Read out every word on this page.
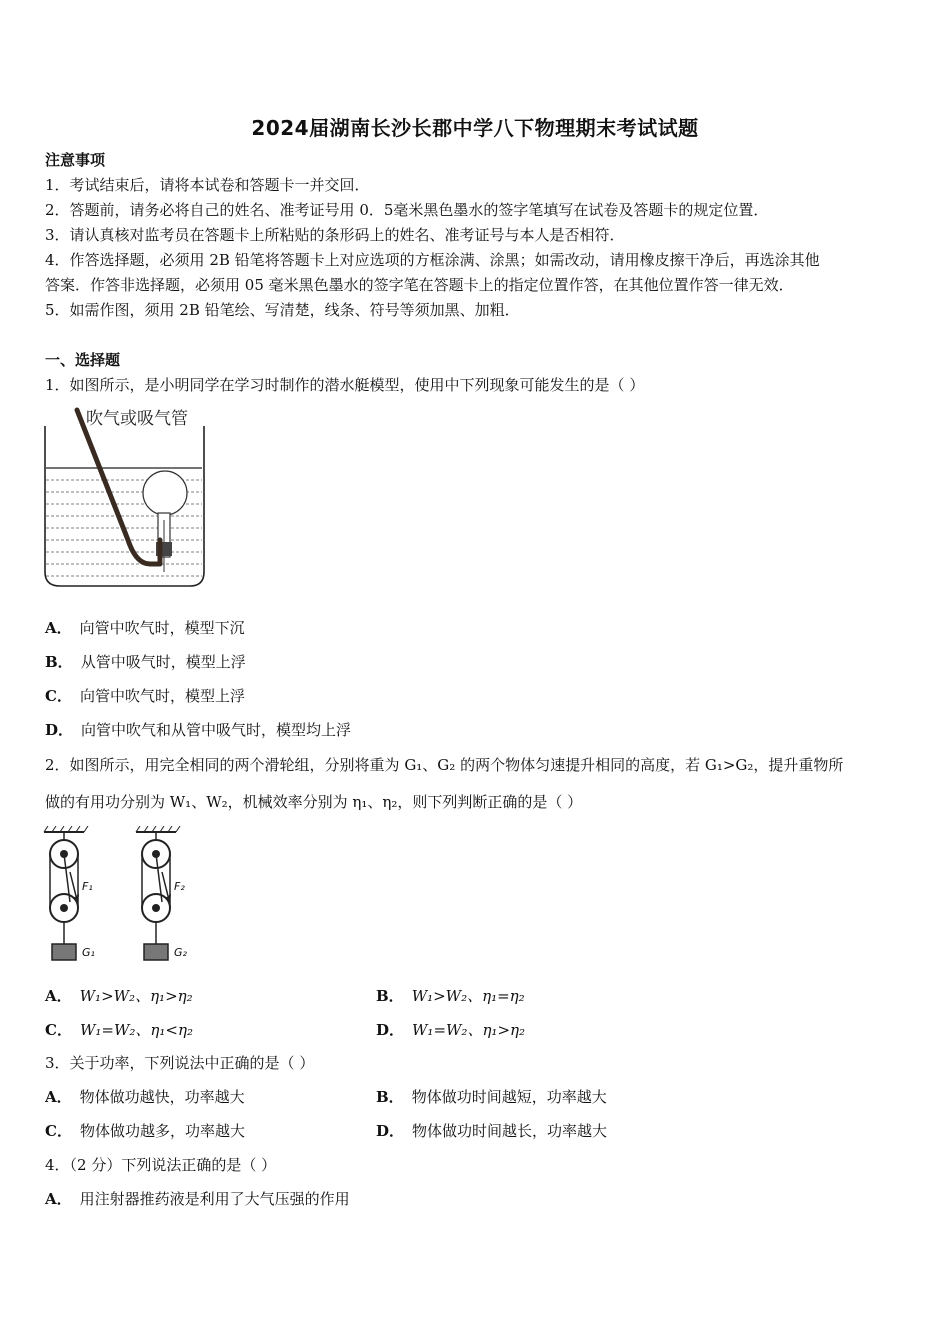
2024届湖南长沙长郡中学八下物理期末考试试题
注意事项
1．考试结束后，请将本试卷和答题卡一并交回．
2．答题前，请务必将自己的姓名、准考证号用 0．5毫米黑色墨水的签字笔填写在试卷及答题卡的规定位置．
3．请认真核对监考员在答题卡上所粘贴的条形码上的姓名、准考证号与本人是否相符．
4．作答选择题，必须用 2B 铅笔将答题卡上对应选项的方框涂满、涂黑；如需改动，请用橡皮擦干净后，再选涂其他
答案．作答非选择题，必须用 05 毫米黑色墨水的签字笔在答题卡上的指定位置作答，在其他位置作答一律无效．
5．如需作图，须用 2B 铅笔绘、写清楚，线条、符号等须加黑、加粗．
一、选择题
1．如图所示，是小明同学在学习时制作的潜水艇模型，使用中下列现象可能发生的是（ ）
吹气或吸气管
A． 向管中吹气时，模型下沉
B． 从管中吸气时，模型上浮
C． 向管中吹气时，模型上浮
D． 向管中吹气和从管中吸气时，模型均上浮
2．如图所示，用完全相同的两个滑轮组，分别将重为 G₁、G₂ 的两个物体匀速提升相同的高度，若 G₁>G₂，提升重物所
做的有用功分别为 W₁、W₂，机械效率分别为 η₁、η₂，则下列判断正确的是（ ）
F₁
G₁
F₂
G₂
A． W₁>W₂、η₁>η₂	B． W₁>W₂、η₁=η₂
C． W₁=W₂、η₁<η₂	D． W₁=W₂、η₁>η₂
3．关于功率，下列说法中正确的是（ ）
A． 物体做功越快，功率越大	B． 物体做功时间越短，功率越大
C． 物体做功越多，功率越大	D． 物体做功时间越长，功率越大
4．（2 分）下列说法正确的是（ ）
A． 用注射器推药液是利用了大气压强的作用
